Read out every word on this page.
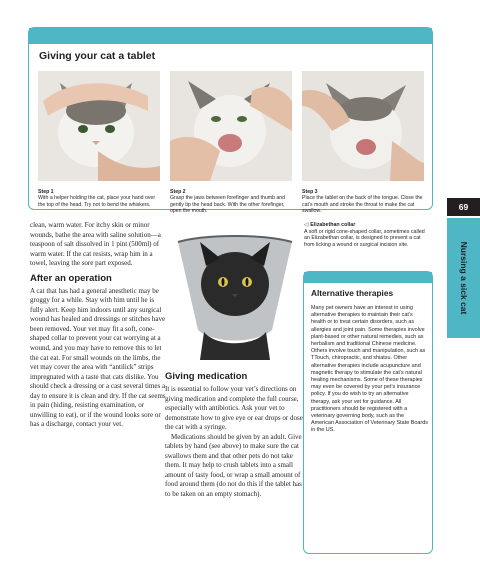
Giving your cat a tablet
Step 1
With a helper holding the cat, place your hand over the top of the head. Try not to bend the whiskers.
Step 2
Grasp the jaws between forefinger and thumb and gently tip the head back. With the other forefinger, open the mouth.
Step 3
Place the tablet on the back of the tongue. Close the cat’s mouth and stroke the throat to make the cat swallow.	69
Nursing a sick cat

clean, warm water. For itchy skin or minor wounds, bathe the area with saline solution—a teaspoon of salt dissolved in 1 pint (500ml) of warm water. If the cat resists, wrap him in a towel, leaving the sore part exposed.

After an operation

A cat that has had a general anesthetic may be groggy for a while. Stay with him until he is fully alert. Keep him indoors until any surgical wound has healed and dressings or stitches have been removed. Your vet may fit a soft, cone-shaped collar to prevent your cat worrying at a wound, and you may have to remove this to let the cat eat. For small wounds on the limbs, the vet may cover the area with “antilick” strips impregnated with a taste that cats dislike. You should check a dressing or a cast several times a day to ensure it is clean and dry. If the cat seems in pain (hiding, resisting examination, or unwilling to eat), or if the wound looks sore or has a discharge, contact your vet.

Giving medication

It is essential to follow your vet’s directions on giving medication and complete the full course, especially with antibiotics. Ask your vet to demonstrate how to give eye or ear drops or dose the cat with a syringe.

Medications should be given by an adult. Give tablets by hand (see above) to make sure the cat swallows them and that other pets do not take them. It may help to crush tablets into a small amount of tasty food, or wrap a small amount of food around them (do not do this if the tablet has to be taken on an empty stomach).

◁ Elizabethan collar
A soft or rigid cone-shaped collar, sometimes called an Elizabethan collar, is designed to prevent a cat from licking a wound or surgical incision site.
Alternative therapies
Many pet owners have an interest in using alternative therapies to maintain their cat’s health or to treat certain disorders, such as allergies and joint pain. Some therapies involve plant-based or other natural remedies, such as herbalism and traditional Chinese medicine. Others involve touch and manipulation, such as TTouch, chiropractic, and shiatsu. Other alternative therapies include acupuncture and magnetic therapy to stimulate the cat’s natural healing mechanisms. Some of these therapies may even be covered by your pet’s insurance policy. If you do wish to try an alternative therapy, ask your vet for guidance. All practitioners should be registered with a veterinary governing body, such as the American Association of Veterinary State Boards in the US.
